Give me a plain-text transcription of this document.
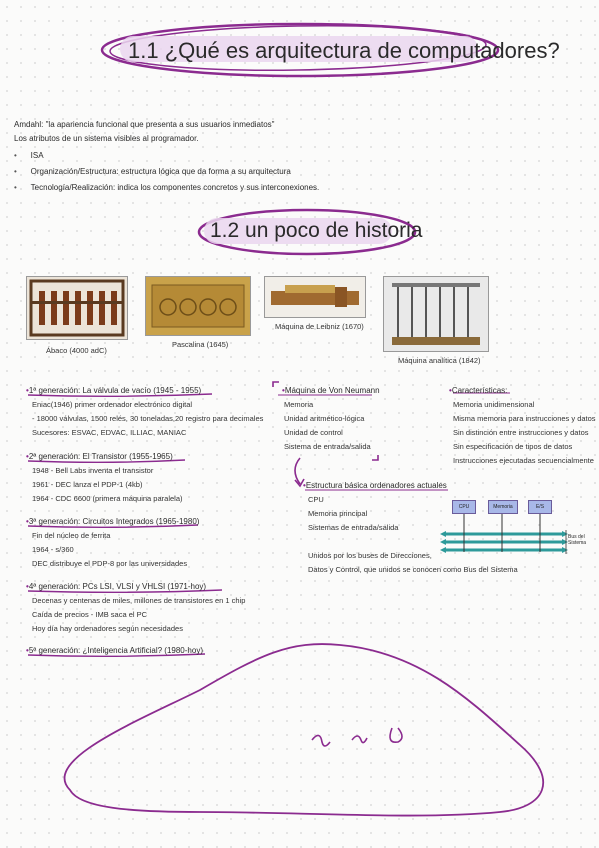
1.1 ¿Qué es arquitectura de computadores?
Amdahl: "la apariencia funcional que presenta a sus usuarios inmediatos"
Los atributos de un sistema visibles al programador.
• ISA
• Organización/Estructura: estructura lógica que da forma a su arquitectura
• Tecnología/Realización: indica los componentes concretos y sus interconexiones.
1.2 un poco de historia
Ábaco (4000 adC)
Pascalina (1645)
Máquina de Leibniz (1670)
Máquina analítica (1842)
•1ª generación: La válvula de vacío (1945 - 1955)
Eniac(1946) primer ordenador electrónico digital
- 18000 válvulas, 1500 relés, 30 toneladas,20 registro para decimales
Sucesores: ESVAC, EDVAC, ILLIAC, MANIAC
•2ª generación: El Transistor (1955-1965)
1948 - Bell Labs inventa el transistor
1961 - DEC lanza el PDP-1 (4kb)
1964 - CDC 6600 (primera máquina paralela)
•3ª generación: Circuitos Integrados (1965-1980)
Fin del núcleo de ferrita
1964 - s/360
DEC distribuye el PDP-8 por las universidades
•4ª generación: PCs LSI, VLSI y VHLSI (1971-hoy)
Decenas y centenas de miles, millones de transistores en 1 chip
Caída de precios - IMB saca el PC
Hoy día hay ordenadores según necesidades
•5ª generación: ¿Inteligencia Artificial? (1980-hoy)
•Máquina de Von Neumann
Memoria
Unidad aritmético-lógica
Unidad de control
Sistema de entrada/salida
•Características:
Memoria unidimensional
Misma memoria para instrucciones y datos
Sin distinción entre instrucciones y datos
Sin especificación de tipos de datos
Instrucciones ejecutadas secuencialmente
•Estructura básica ordenadores actuales
CPU
Memoria principal
Sistemas de entrada/salida
Unidos por los buses de Direcciones,
Datos y Control, que unidos se conocen como Bus del Sistema
CPU	Memoria	E/S
Bus del Sistema
